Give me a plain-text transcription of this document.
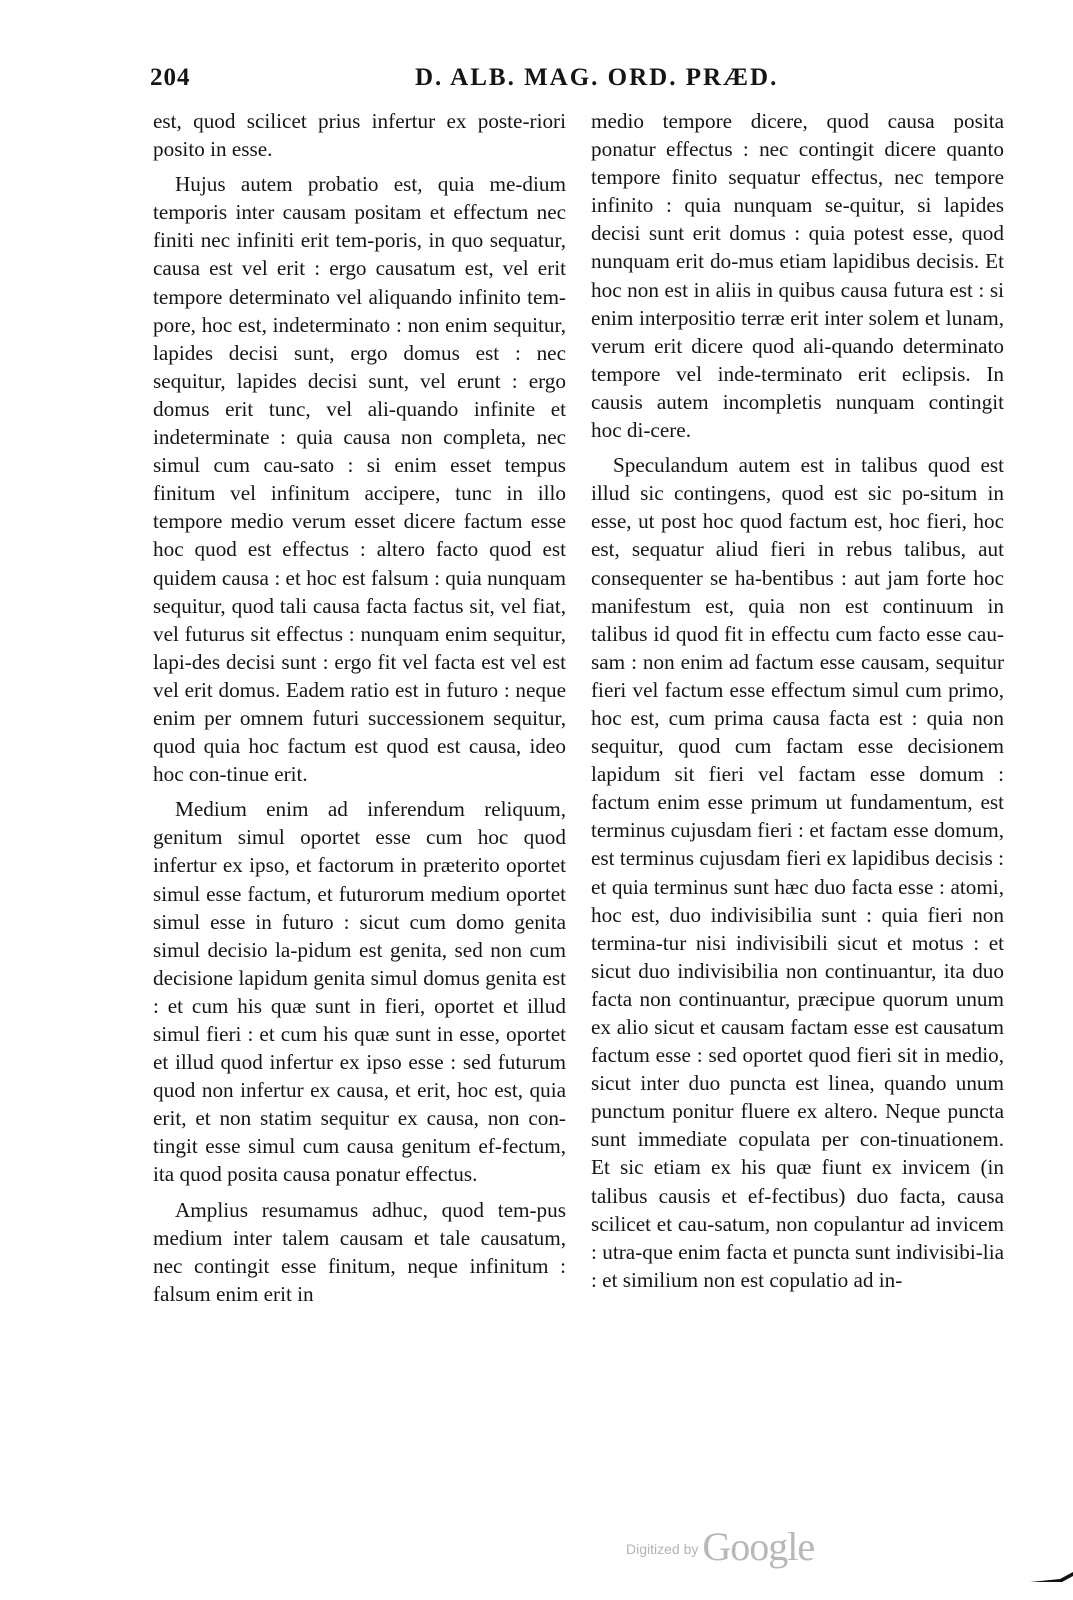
204	D. ALB. MAG. ORD. PRÆD.

est, quod scilicet prius infertur ex poste-riori posito in esse.

Hujus autem probatio est, quia me-dium temporis inter causam positam et effectum nec finiti nec infiniti erit tem-poris, in quo sequatur, causa est vel erit : ergo causatum est, vel erit tempore determinato vel aliquando infinito tem-pore, hoc est, indeterminato : non enim sequitur, lapides decisi sunt, ergo domus est : nec sequitur, lapides decisi sunt, vel erunt : ergo domus erit tunc, vel ali-quando infinite et indeterminate : quia causa non completa, nec simul cum cau-sato : si enim esset tempus finitum vel infinitum accipere, tunc in illo tempore medio verum esset dicere factum esse hoc quod est effectus : altero facto quod est quidem causa : et hoc est falsum : quia nunquam sequitur, quod tali causa facta factus sit, vel fiat, vel futurus sit effectus : nunquam enim sequitur, lapi-des decisi sunt : ergo fit vel facta est vel est vel erit domus. Eadem ratio est in futuro : neque enim per omnem futuri successionem sequitur, quod quia hoc factum est quod est causa, ideo hoc con-tinue erit.

Medium enim ad inferendum reliquum, genitum simul oportet esse cum hoc quod infertur ex ipso, et factorum in præterito oportet simul esse factum, et futurorum medium oportet simul esse in futuro : sicut cum domo genita simul decisio la-pidum est genita, sed non cum decisione lapidum genita simul domus genita est : et cum his quæ sunt in fieri, oportet et illud simul fieri : et cum his quæ sunt in esse, oportet et illud quod infertur ex ipso esse : sed futurum quod non infertur ex causa, et erit, hoc est, quia erit, et non statim sequitur ex causa, non con-tingit esse simul cum causa genitum ef-fectum, ita quod posita causa ponatur effectus.

Amplius resumamus adhuc, quod tem-pus medium inter talem causam et tale causatum, nec contingit esse finitum, neque infinitum : falsum enim erit in

medio tempore dicere, quod causa posita ponatur effectus : nec contingit dicere quanto tempore finito sequatur effectus, nec tempore infinito : quia nunquam se-quitur, si lapides decisi sunt erit domus : quia potest esse, quod nunquam erit do-mus etiam lapidibus decisis. Et hoc non est in aliis in quibus causa futura est : si enim interpositio terræ erit inter solem et lunam, verum erit dicere quod ali-quando determinato tempore vel inde-terminato erit eclipsis. In causis autem incompletis nunquam contingit hoc di-cere.

Speculandum autem est in talibus quod est illud sic contingens, quod est sic po-situm in esse, ut post hoc quod factum est, hoc fieri, hoc est, sequatur aliud fieri in rebus talibus, aut consequenter se ha-bentibus : aut jam forte hoc manifestum est, quia non est continuum in talibus id quod fit in effectu cum facto esse cau-sam : non enim ad factum esse causam, sequitur fieri vel factum esse effectum simul cum primo, hoc est, cum prima causa facta est : quia non sequitur, quod cum factam esse decisionem lapidum sit fieri vel factam esse domum : factum enim esse primum ut fundamentum, est terminus cujusdam fieri : et factam esse domum, est terminus cujusdam fieri ex lapidibus decisis : et quia terminus sunt hæc duo facta esse : atomi, hoc est, duo indivisibilia sunt : quia fieri non termina-tur nisi indivisibili sicut et motus : et sicut duo indivisibilia non continuantur, ita duo facta non continuantur, præcipue quorum unum ex alio sicut et causam factam esse est causatum factum esse : sed oportet quod fieri sit in medio, sicut inter duo puncta est linea, quando unum punctum ponitur fluere ex altero. Neque puncta sunt immediate copulata per con-tinuationem. Et sic etiam ex his quæ fiunt ex invicem (in talibus causis et ef-fectibus) duo facta, causa scilicet et cau-satum, non copulantur ad invicem : utra-que enim facta et puncta sunt indivisibi-lia : et similium non est copulatio ad in-

Digitized by Google
